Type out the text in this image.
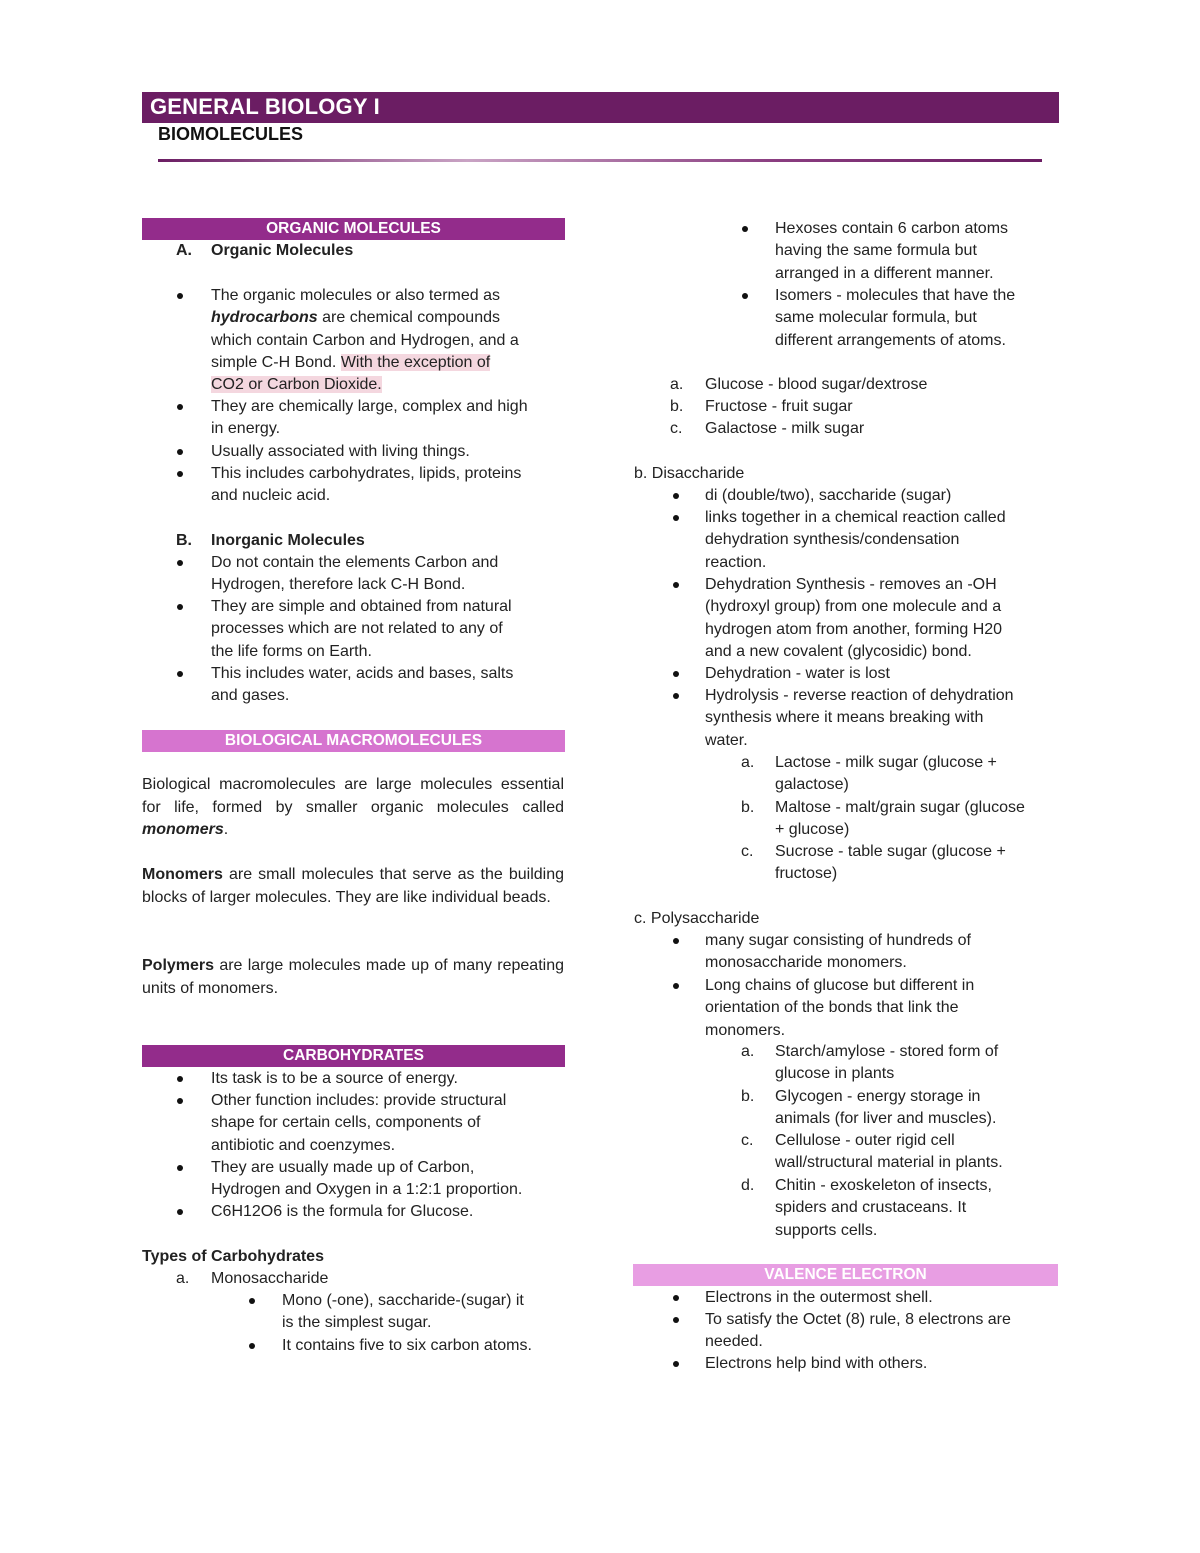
GENERAL BIOLOGY I
BIOMOLECULES
ORGANIC MOLECULES
A. Organic Molecules
The organic molecules or also termed as
hydrocarbons are chemical compounds
which contain Carbon and Hydrogen, and a
simple C-H Bond. With the exception of
CO2 or Carbon Dioxide.
They are chemically large, complex and high
in energy.
Usually associated with living things.
This includes carbohydrates, lipids, proteins
and nucleic acid.
B. Inorganic Molecules
Do not contain the elements Carbon and
Hydrogen, therefore lack C-H Bond.
They are simple and obtained from natural
processes which are not related to any of
the life forms on Earth.
This includes water, acids and bases, salts
and gases.
BIOLOGICAL MACROMOLECULES
Biological macromolecules are large molecules essential for life, formed by smaller organic molecules called monomers.
Monomers are small molecules that serve as the building blocks of larger molecules. They are like individual beads.
Polymers are large molecules made up of many repeating units of monomers.
CARBOHYDRATES
Its task is to be a source of energy.
Other function includes: provide structural
shape for certain cells, components of
antibiotic and coenzymes.
They are usually made up of Carbon,
Hydrogen and Oxygen in a 1:2:1 proportion.
C6H12O6 is the formula for Glucose.
Types of Carbohydrates
a. Monosaccharide
Mono (-one), saccharide-(sugar) it
is the simplest sugar.
It contains five to six carbon atoms.
Hexoses contain 6 carbon atoms
having the same formula but
arranged in a different manner.
Isomers - molecules that have the
same molecular formula, but
different arrangements of atoms.
a. Glucose - blood sugar/dextrose
b. Fructose - fruit sugar
c. Galactose - milk sugar
b. Disaccharide
di (double/two), saccharide (sugar)
links together in a chemical reaction called
dehydration synthesis/condensation
reaction.
Dehydration Synthesis - removes an -OH
(hydroxyl group) from one molecule and a
hydrogen atom from another, forming H20
and a new covalent (glycosidic) bond.
Dehydration - water is lost
Hydrolysis - reverse reaction of dehydration
synthesis where it means breaking with
water.
a. Lactose - milk sugar (glucose +
galactose)
b. Maltose - malt/grain sugar (glucose
+ glucose)
c. Sucrose - table sugar (glucose +
fructose)
c. Polysaccharide
many sugar consisting of hundreds of
monosaccharide monomers.
Long chains of glucose but different in
orientation of the bonds that link the
monomers.
a. Starch/amylose - stored form of
glucose in plants
b. Glycogen - energy storage in
animals (for liver and muscles).
c. Cellulose - outer rigid cell
wall/structural material in plants.
d. Chitin - exoskeleton of insects,
spiders and crustaceans. It
supports cells.
VALENCE ELECTRON
Electrons in the outermost shell.
To satisfy the Octet (8) rule, 8 electrons are
needed.
Electrons help bind with others.
